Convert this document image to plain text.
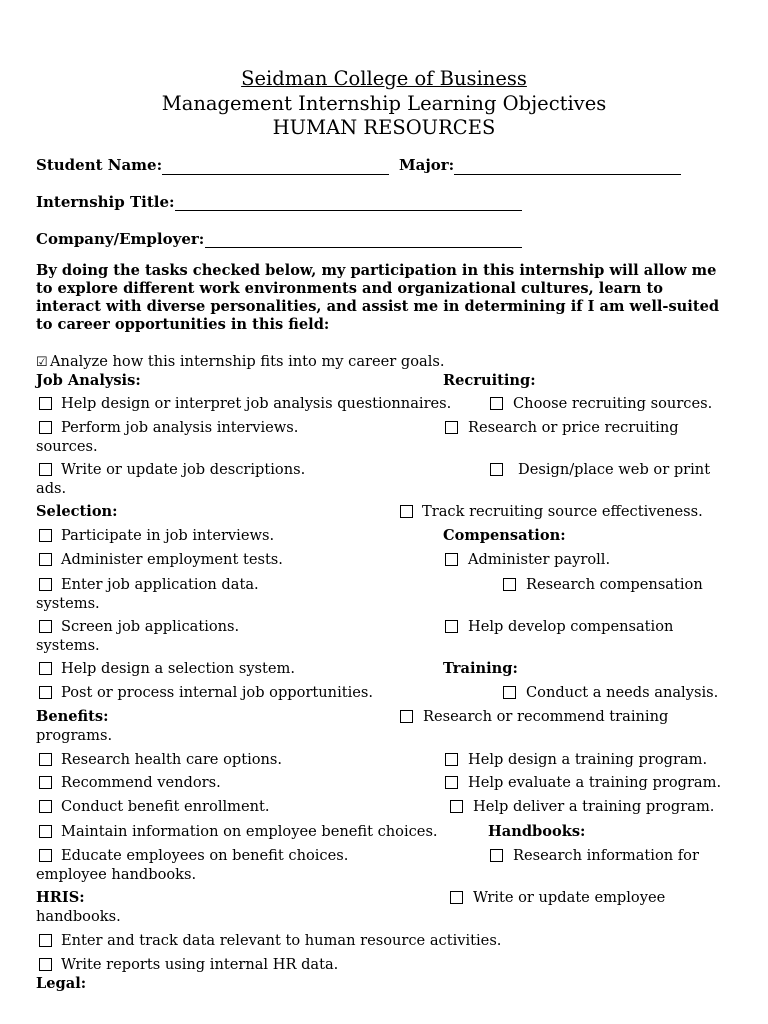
Seidman College of Business
Management Internship Learning Objectives
HUMAN RESOURCES
Student Name:	Major:
Internship Title:
Company/Employer:
By doing the tasks checked below, my participation in this internship will allow me to explore different work environments and organizational cultures, learn to interact with diverse personalities, and assist me in determining if I am well-suited to career opportunities in this field:
☑ Analyze how this internship fits into my career goals.
Job Analysis:	Recruiting:
Help design or interpret job analysis questionnaires.	Choose recruiting sources.
Perform job analysis interviews.	Research or price recruiting
sources.
Write or update job descriptions.	Design/place web or print
ads.
Selection:	Track recruiting source effectiveness.
Participate in job interviews.	Compensation:
Administer employment tests.	Administer payroll.
Enter job application data.	Research compensation
systems.
Screen job applications.	Help develop compensation
systems.
Help design a selection system.	Training:
Post or process internal job opportunities.	Conduct a needs analysis.
Benefits:	Research or recommend training
programs.
Research health care options.	Help design a training program.
Recommend vendors.	Help evaluate a training program.
Conduct benefit enrollment.	Help deliver a training program.
Maintain information on employee benefit choices.	Handbooks:
Educate employees on benefit choices.	Research information for
employee handbooks.
HRIS:	Write or update employee
handbooks.
Enter and track data relevant to human resource activities.
Write reports using internal HR data.
Legal:
